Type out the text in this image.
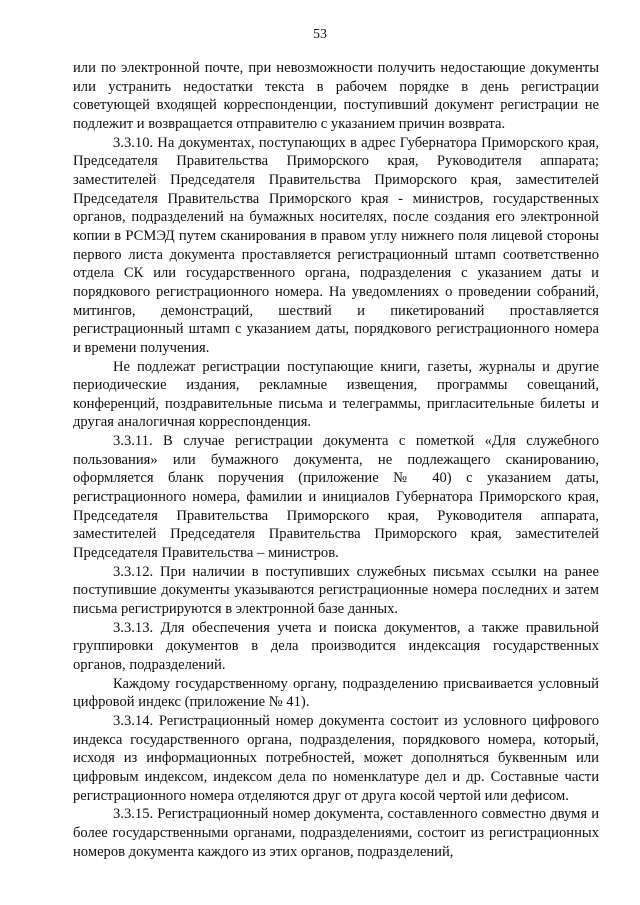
53

или по электронной почте, при невозможности получить недостающие документы или устранить недостатки текста в рабочем порядке в день регистрации советующей входящей корреспонденции, поступивший документ регистрации не подлежит и возвращается отправителю с указанием причин возврата.

3.3.10. На документах, поступающих в адрес Губернатора Приморского края, Председателя Правительства Приморского края, Руководителя аппарата; заместителей Председателя Правительства Приморского края, заместителей Председателя Правительства Приморского края - министров, государственных органов, подразделений на бумажных носителях, после создания его электронной копии в РСМЭД путем сканирования в правом углу нижнего поля лицевой стороны первого листа документа проставляется регистрационный штамп соответственно отдела СК или государственного органа, подразделения с указанием даты и порядкового регистрационного номера. На уведомлениях о проведении собраний, митингов, демонстраций, шествий и пикетирований проставляется регистрационный штамп с указанием даты, порядкового регистрационного номера и времени получения.

Не подлежат регистрации поступающие книги, газеты, журналы и другие периодические издания, рекламные извещения, программы совещаний, конференций, поздравительные письма и телеграммы, пригласительные билеты и другая аналогичная корреспонденция.

3.3.11. В случае регистрации документа с пометкой «Для служебного пользования» или бумажного документа, не подлежащего сканированию, оформляется бланк поручения (приложение № 40) с указанием даты, регистрационного номера, фамилии и инициалов Губернатора Приморского края, Председателя Правительства Приморского края, Руководителя аппарата, заместителей Председателя Правительства Приморского края, заместителей Председателя Правительства – министров.

3.3.12. При наличии в поступивших служебных письмах ссылки на ранее поступившие документы указываются регистрационные номера последних и затем письма регистрируются в электронной базе данных.

3.3.13. Для обеспечения учета и поиска документов, а также правильной группировки документов в дела производится индексация государственных органов, подразделений.

Каждому государственному органу, подразделению присваивается условный цифровой индекс (приложение № 41).

3.3.14. Регистрационный номер документа состоит из условного цифрового индекса государственного органа, подразделения, порядкового номера, который, исходя из информационных потребностей, может дополняться буквенным или цифровым индексом, индексом дела по номенклатуре дел и др. Составные части регистрационного номера отделяются друг от друга косой чертой или дефисом.

3.3.15. Регистрационный номер документа, составленного совместно двумя и более государственными органами, подразделениями, состоит из регистрационных номеров документа каждого из этих органов, подразделений,
